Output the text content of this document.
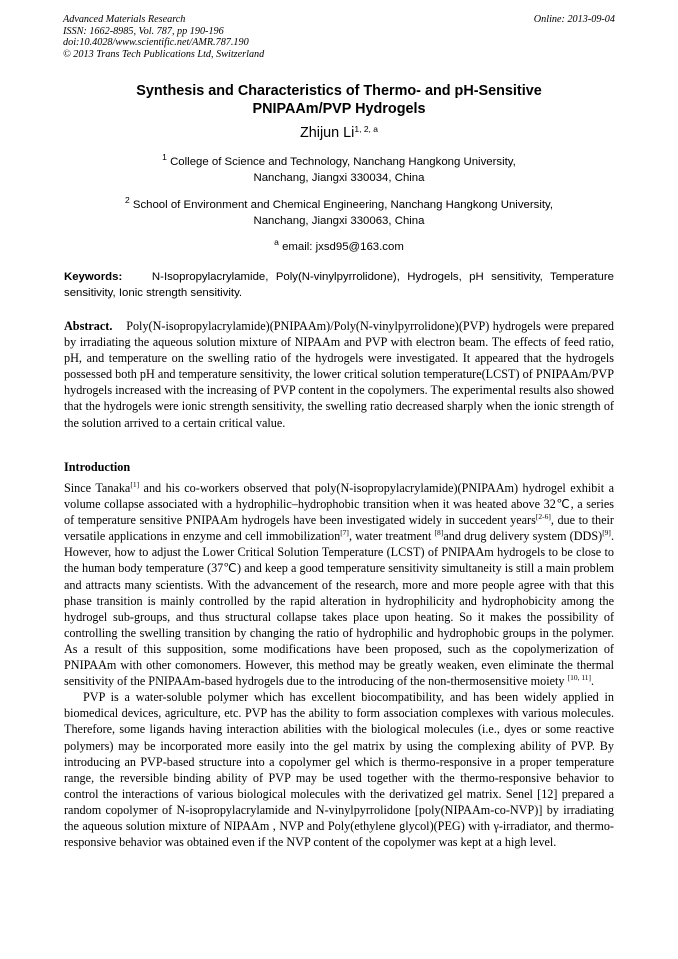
Advanced Materials Research
ISSN: 1662-8985, Vol. 787, pp 190-196
doi:10.4028/www.scientific.net/AMR.787.190
© 2013 Trans Tech Publications Ltd, Switzerland
Online: 2013-09-04
Synthesis and Characteristics of Thermo- and pH-Sensitive
PNIPAAm/PVP Hydrogels
Zhijun Li$^{1, 2, a}$
$^1$ College of Science and Technology, Nanchang Hangkong University,
Nanchang, Jiangxi 330034, China
$^2$ School of Environment and Chemical Engineering, Nanchang Hangkong University,
Nanchang, Jiangxi 330063, China
$^a$ email: jxsd95@163.com
Keywords:	N-Isopropylacrylamide, Poly(N-vinylpyrrolidone), Hydrogels, pH sensitivity, Temperature sensitivity, Ionic strength sensitivity.
Abstract. Poly(N-isopropylacrylamide)(PNIPAAm)/Poly(N-vinylpyrrolidone)(PVP) hydrogels were prepared by irradiating the aqueous solution mixture of NIPAAm and PVP with electron beam. The effects of feed ratio, pH, and temperature on the swelling ratio of the hydrogels were investigated. It appeared that the hydrogels possessed both pH and temperature sensitivity, the lower critical solution temperature(LCST) of PNIPAAm/PVP hydrogels increased with the increasing of PVP content in the copolymers. The experimental results also showed that the hydrogels were ionic strength sensitivity, the swelling ratio decreased sharply when the ionic strength of the solution arrived to a certain critical value.
Introduction

Since Tanaka[1] and his co-workers observed that poly(N-isopropylacrylamide)(PNIPAAm) hydrogel exhibit a volume collapse associated with a hydrophilic–hydrophobic transition when it was heated above 32℃, a series of temperature sensitive PNIPAAm hydrogels have been investigated widely in succedent years[2-6], due to their versatile applications in enzyme and cell immobilization[7], water treatment [8]and drug delivery system (DDS)[9]. However, how to adjust the Lower Critical Solution Temperature (LCST) of PNIPAAm hydrogels to be close to the human body temperature (37℃) and keep a good temperature sensitivity simultaneity is still a main problem and attracts many scientists. With the advancement of the research, more and more people agree with that this phase transition is mainly controlled by the rapid alteration in hydrophilicity and hydrophobicity among the hydrogel sub-groups, and thus structural collapse takes place upon heating. So it makes the possibility of controlling the swelling transition by changing the ratio of hydrophilic and hydrophobic groups in the polymer. As a result of this supposition, some modifications have been proposed, such as the copolymerization of PNIPAAm with other comonomers. However, this method may be greatly weaken, even eliminate the thermal sensitivity of the PNIPAAm-based hydrogels due to the introducing of the non-thermosensitive moiety [10, 11].

PVP is a water-soluble polymer which has excellent biocompatibility, and has been widely applied in biomedical devices, agriculture, etc. PVP has the ability to form association complexes with various molecules. Therefore, some ligands having interaction abilities with the biological molecules (i.e., dyes or some reactive polymers) may be incorporated more easily into the gel matrix by using the complexing ability of PVP. By introducing an PVP-based structure into a copolymer gel which is thermo-responsive in a proper temperature range, the reversible binding ability of PVP may be used together with the thermo-responsive behavior to control the interactions of various biological molecules with the derivatized gel matrix. Senel [12] prepared a random copolymer of N-isopropylacrylamide and N-vinylpyrrolidone [poly(NIPAAm-co-NVP)] by irradiating the aqueous solution mixture of NIPAAm , NVP and Poly(ethylene glycol)(PEG) with γ-irradiator, and thermo-responsive behavior was obtained even if the NVP content of the copolymer was kept at a high level.
